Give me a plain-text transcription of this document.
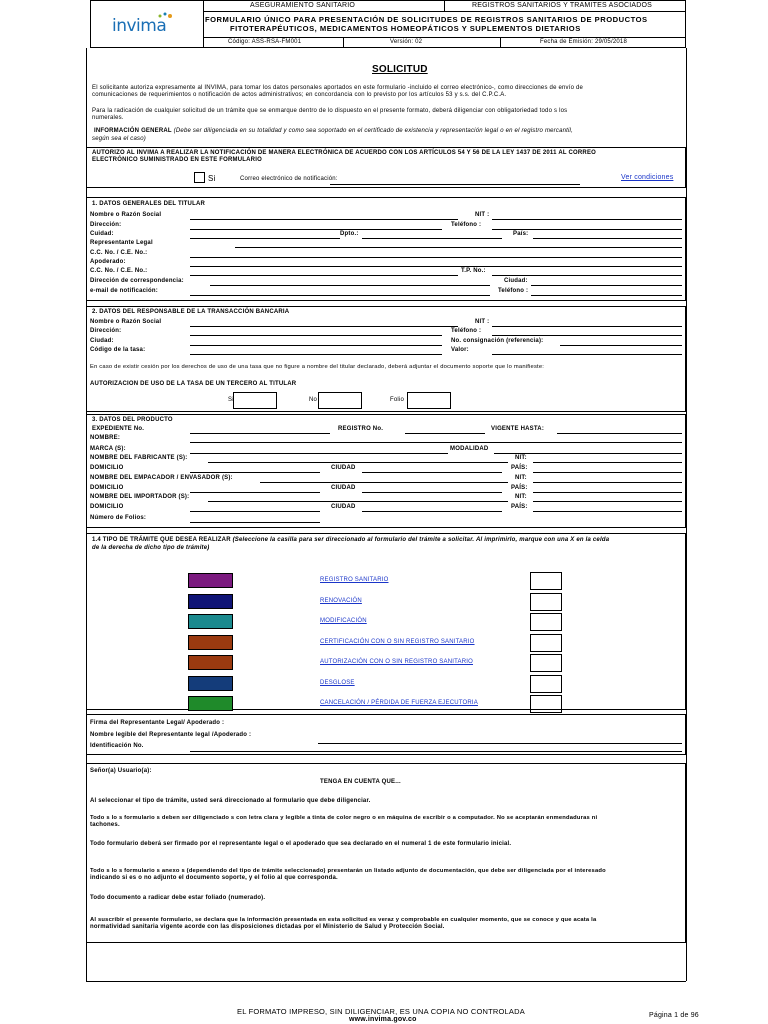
invima
ASEGURAMIENTO SANITARIO	REGISTROS SANITARIOS Y TRAMITES ASOCIADOS
FORMULARIO ÚNICO PARA PRESENTACIÓN DE SOLICITUDES DE REGISTROS SANITARIOS DE PRODUCTOS
FITOTERAPÉUTICOS, MEDICAMENTOS HOMEOPÁTICOS Y SUPLEMENTOS DIETARIOS
Código: ASS-RSA-FM001	Versión: 02	Fecha de Emisión: 29/05/2018
SOLICITUD
El solicitante autoriza expresamente al INVIMA, para tomar los datos personales aportados en este formulario -incluido el correo electrónico-, como direcciones de envío de
comunicaciones de requerimientos o notificación de actos administrativos; en concordancia con lo previsto por los artículos 53 y s.s. del C.P.C.A.
Para la radicación de cualquier solicitud de un trámite que se enmarque dentro de lo dispuesto en el presente formato, deberá diligenciar con obligatoriedad todo s los
numerales.
INFORMACIÓN GENERAL (Debe ser diligenciada en su totalidad y como sea soportado en el certificado de existencia y representación legal o en el registro mercantil,
según sea el caso)
AUTORIZO AL INVIMA A REALIZAR LA NOTIFICACIÓN DE MANERA ELECTRÓNICA DE ACUERDO CON LOS ARTÍCULOS 54 Y 56 DE LA LEY 1437 DE 2011 AL CORREO
ELECTRÓNICO SUMINISTRADO EN ESTE FORMULARIO
Si	Correo electrónico de notificación:	Ver condiciones
1. DATOS GENERALES DEL TITULAR
Nombre o Razón Social	NIT :
Dirección:	Teléfono :
Cuidad:	Dpto.:	País:
Representante Legal
C.C. No. / C.E. No.:
Apoderado:
C.C. No. / C.E. No.:	T.P. No.:
Dirección de correspondencia:	Ciudad:
e-mail de notificación:	Teléfono :
2. DATOS DEL RESPONSABLE DE LA TRANSACCIÓN BANCARIA
Nombre o Razón Social	NIT :
Dirección:	Teléfono :
Ciudad:	No. consignación (referencia):
Código de la tasa:	Valor:
En caso de existir cesión por los derechos de uso de una tasa que no figure a nombre del titular declarado, deberá adjuntar el documento soporte que lo manifieste:
AUTORIZACION DE USO DE LA TASA DE UN TERCERO AL TITULAR
Si	No	Folio
3. DATOS DEL PRODUCTO
EXPEDIENTE No.	REGISTRO No.	VIGENTE HASTA:
NOMBRE:
MARCA (S):	MODALIDAD
NOMBRE DEL FABRICANTE (S):	NIT:
DOMICILIO	CIUDAD	PAÍS:
NOMBRE DEL EMPACADOR / ENVASADOR (S):	NIT:
DOMICILIO	CIUDAD	PAÍS:
NOMBRE DEL IMPORTADOR (S):	NIT:
DOMICILIO	CIUDAD	PAÍS:
Número de Folios:
1.4 TIPO DE TRÁMITE QUE DESEA REALIZAR (Seleccione la casilla para ser direccionado al formulario del trámite a solicitar. Al imprimirlo, marque con una X en la celda
de la derecha de dicho tipo de trámite)
REGISTRO SANITARIO
RENOVACIÓN
MODIFICACIÓN
CERTIFICACIÓN CON O SIN REGISTRO SANITARIO
AUTORIZACIÓN CON O SIN REGISTRO SANITARIO
DESGLOSE
CANCELACIÓN / PÉRDIDA DE FUERZA EJECUTORIA
Firma del Representante Legal/ Apoderado :
Nombre legible del Representante legal /Apoderado :
Identificación No.
Señor(a) Usuario(a):
TENGA EN CUENTA QUE...
Al seleccionar el tipo de trámite, usted será direccionado al formulario que debe diligenciar.
Todo s lo s formulario s deben ser diligenciado s con letra clara y legible a tinta de color negro o en máquina de escribir o a computador. No se aceptarán enmendaduras ni
tachones.
Todo formulario deberá ser firmado por el representante legal o el apoderado que sea declarado en el numeral 1 de este formulario inicial.
Todo s lo s formulario s anexo s (dependiendo del tipo de trámite seleccionado) presentarán un listado adjunto de documentación, que debe ser diligenciada por el interesado
indicando si es o no adjunto el documento soporte, y el folio al que corresponda.
Todo documento a radicar debe estar foliado (numerado).
Al suscribir el presente formulario, se declara que la información presentada en esta solicitud es veraz y comprobable en cualquier momento, que se conoce y que acata la
normatividad sanitaria vigente acorde con las disposiciones dictadas por el Ministerio de Salud y Protección Social.
EL FORMATO IMPRESO, SIN DILIGENCIAR, ES UNA COPIA NO CONTROLADA
www.invima.gov.co
Página 1 de 96
